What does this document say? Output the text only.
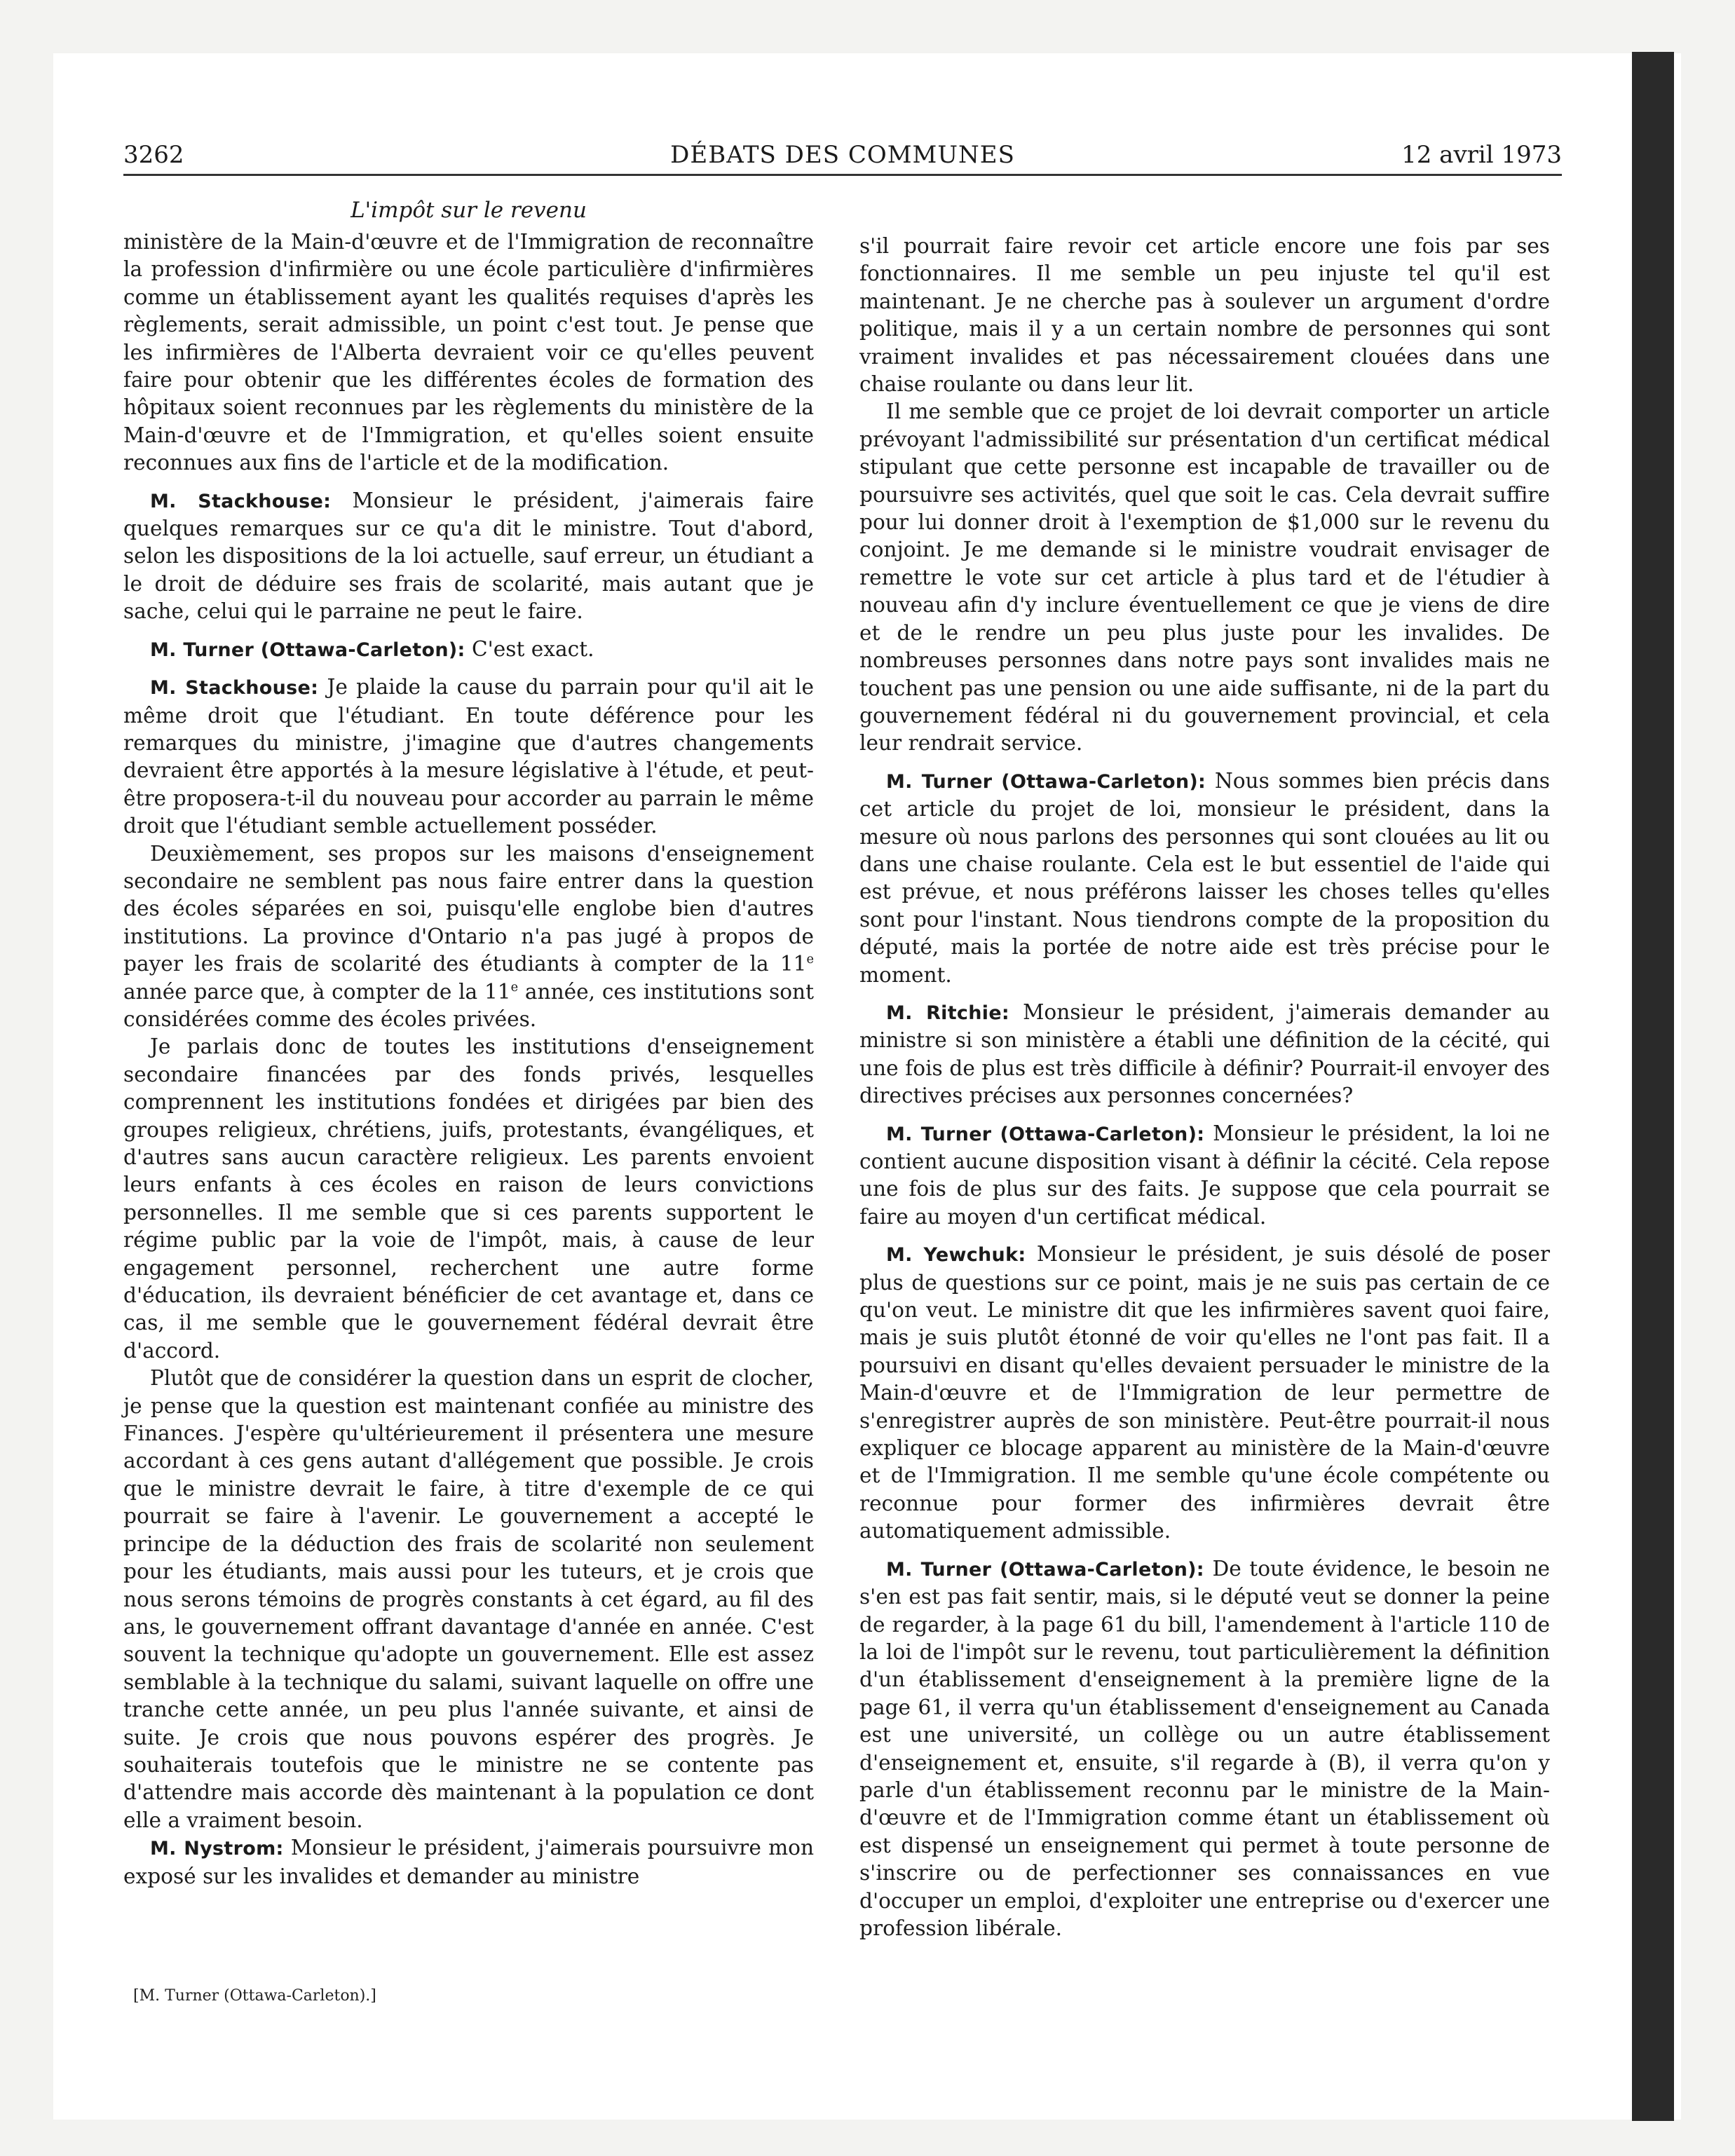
3262	DÉBATS DES COMMUNES	12 avril 1973
L'impôt sur le revenu

ministère de la Main-d'œuvre et de l'Immigration de reconnaître la profession d'infirmière ou une école particulière d'infirmières comme un établissement ayant les qualités requises d'après les règlements, serait admissible, un point c'est tout. Je pense que les infirmières de l'Alberta devraient voir ce qu'elles peuvent faire pour obtenir que les différentes écoles de formation des hôpitaux soient reconnues par les règlements du ministère de la Main-d'œuvre et de l'Immigration, et qu'elles soient ensuite reconnues aux fins de l'article et de la modification.

M. Stackhouse: Monsieur le président, j'aimerais faire quelques remarques sur ce qu'a dit le ministre. Tout d'abord, selon les dispositions de la loi actuelle, sauf erreur, un étudiant a le droit de déduire ses frais de scolarité, mais autant que je sache, celui qui le parraine ne peut le faire.

M. Turner (Ottawa-Carleton): C'est exact.

M. Stackhouse: Je plaide la cause du parrain pour qu'il ait le même droit que l'étudiant. En toute déférence pour les remarques du ministre, j'imagine que d'autres changements devraient être apportés à la mesure législative à l'étude, et peut-être proposera-t-il du nouveau pour accorder au parrain le même droit que l'étudiant semble actuellement posséder.

Deuxièmement, ses propos sur les maisons d'enseignement secondaire ne semblent pas nous faire entrer dans la question des écoles séparées en soi, puisqu'elle englobe bien d'autres institutions. La province d'Ontario n'a pas jugé à propos de payer les frais de scolarité des étudiants à compter de la 11e année parce que, à compter de la 11e année, ces institutions sont considérées comme des écoles privées.

Je parlais donc de toutes les institutions d'enseignement secondaire financées par des fonds privés, lesquelles comprennent les institutions fondées et dirigées par bien des groupes religieux, chrétiens, juifs, protestants, évangéliques, et d'autres sans aucun caractère religieux. Les parents envoient leurs enfants à ces écoles en raison de leurs convictions personnelles. Il me semble que si ces parents supportent le régime public par la voie de l'impôt, mais, à cause de leur engagement personnel, recherchent une autre forme d'éducation, ils devraient bénéficier de cet avantage et, dans ce cas, il me semble que le gouvernement fédéral devrait être d'accord.

Plutôt que de considérer la question dans un esprit de clocher, je pense que la question est maintenant confiée au ministre des Finances. J'espère qu'ultérieurement il présentera une mesure accordant à ces gens autant d'allégement que possible. Je crois que le ministre devrait le faire, à titre d'exemple de ce qui pourrait se faire à l'avenir. Le gouvernement a accepté le principe de la déduction des frais de scolarité non seulement pour les étudiants, mais aussi pour les tuteurs, et je crois que nous serons témoins de progrès constants à cet égard, au fil des ans, le gouvernement offrant davantage d'année en année. C'est souvent la technique qu'adopte un gouvernement. Elle est assez semblable à la technique du salami, suivant laquelle on offre une tranche cette année, un peu plus l'année suivante, et ainsi de suite. Je crois que nous pouvons espérer des progrès. Je souhaiterais toutefois que le ministre ne se contente pas d'attendre mais accorde dès maintenant à la population ce dont elle a vraiment besoin.

M. Nystrom: Monsieur le président, j'aimerais poursuivre mon exposé sur les invalides et demander au ministre

s'il pourrait faire revoir cet article encore une fois par ses fonctionnaires. Il me semble un peu injuste tel qu'il est maintenant. Je ne cherche pas à soulever un argument d'ordre politique, mais il y a un certain nombre de personnes qui sont vraiment invalides et pas nécessairement clouées dans une chaise roulante ou dans leur lit.

Il me semble que ce projet de loi devrait comporter un article prévoyant l'admissibilité sur présentation d'un certificat médical stipulant que cette personne est incapable de travailler ou de poursuivre ses activités, quel que soit le cas. Cela devrait suffire pour lui donner droit à l'exemption de $1,000 sur le revenu du conjoint. Je me demande si le ministre voudrait envisager de remettre le vote sur cet article à plus tard et de l'étudier à nouveau afin d'y inclure éventuellement ce que je viens de dire et de le rendre un peu plus juste pour les invalides. De nombreuses personnes dans notre pays sont invalides mais ne touchent pas une pension ou une aide suffisante, ni de la part du gouvernement fédéral ni du gouvernement provincial, et cela leur rendrait service.

M. Turner (Ottawa-Carleton): Nous sommes bien précis dans cet article du projet de loi, monsieur le président, dans la mesure où nous parlons des personnes qui sont clouées au lit ou dans une chaise roulante. Cela est le but essentiel de l'aide qui est prévue, et nous préférons laisser les choses telles qu'elles sont pour l'instant. Nous tiendrons compte de la proposition du député, mais la portée de notre aide est très précise pour le moment.

M. Ritchie: Monsieur le président, j'aimerais demander au ministre si son ministère a établi une définition de la cécité, qui une fois de plus est très difficile à définir? Pourrait-il envoyer des directives précises aux personnes concernées?

M. Turner (Ottawa-Carleton): Monsieur le président, la loi ne contient aucune disposition visant à définir la cécité. Cela repose une fois de plus sur des faits. Je suppose que cela pourrait se faire au moyen d'un certificat médical.

M. Yewchuk: Monsieur le président, je suis désolé de poser plus de questions sur ce point, mais je ne suis pas certain de ce qu'on veut. Le ministre dit que les infirmières savent quoi faire, mais je suis plutôt étonné de voir qu'elles ne l'ont pas fait. Il a poursuivi en disant qu'elles devaient persuader le ministre de la Main-d'œuvre et de l'Immigration de leur permettre de s'enregistrer auprès de son ministère. Peut-être pourrait-il nous expliquer ce blocage apparent au ministère de la Main-d'œuvre et de l'Immigration. Il me semble qu'une école compétente ou reconnue pour former des infirmières devrait être automatiquement admissible.

M. Turner (Ottawa-Carleton): De toute évidence, le besoin ne s'en est pas fait sentir, mais, si le député veut se donner la peine de regarder, à la page 61 du bill, l'amendement à l'article 110 de la loi de l'impôt sur le revenu, tout particulièrement la définition d'un établissement d'enseignement à la première ligne de la page 61, il verra qu'un établissement d'enseignement au Canada est une université, un collège ou un autre établissement d'enseignement et, ensuite, s'il regarde à (B), il verra qu'on y parle d'un établissement reconnu par le ministre de la Main-d'œuvre et de l'Immigration comme étant un établissement où est dispensé un enseignement qui permet à toute personne de s'inscrire ou de perfectionner ses connaissances en vue d'occuper un emploi, d'exploiter une entreprise ou d'exercer une profession libérale.

[M. Turner (Ottawa-Carleton).]
